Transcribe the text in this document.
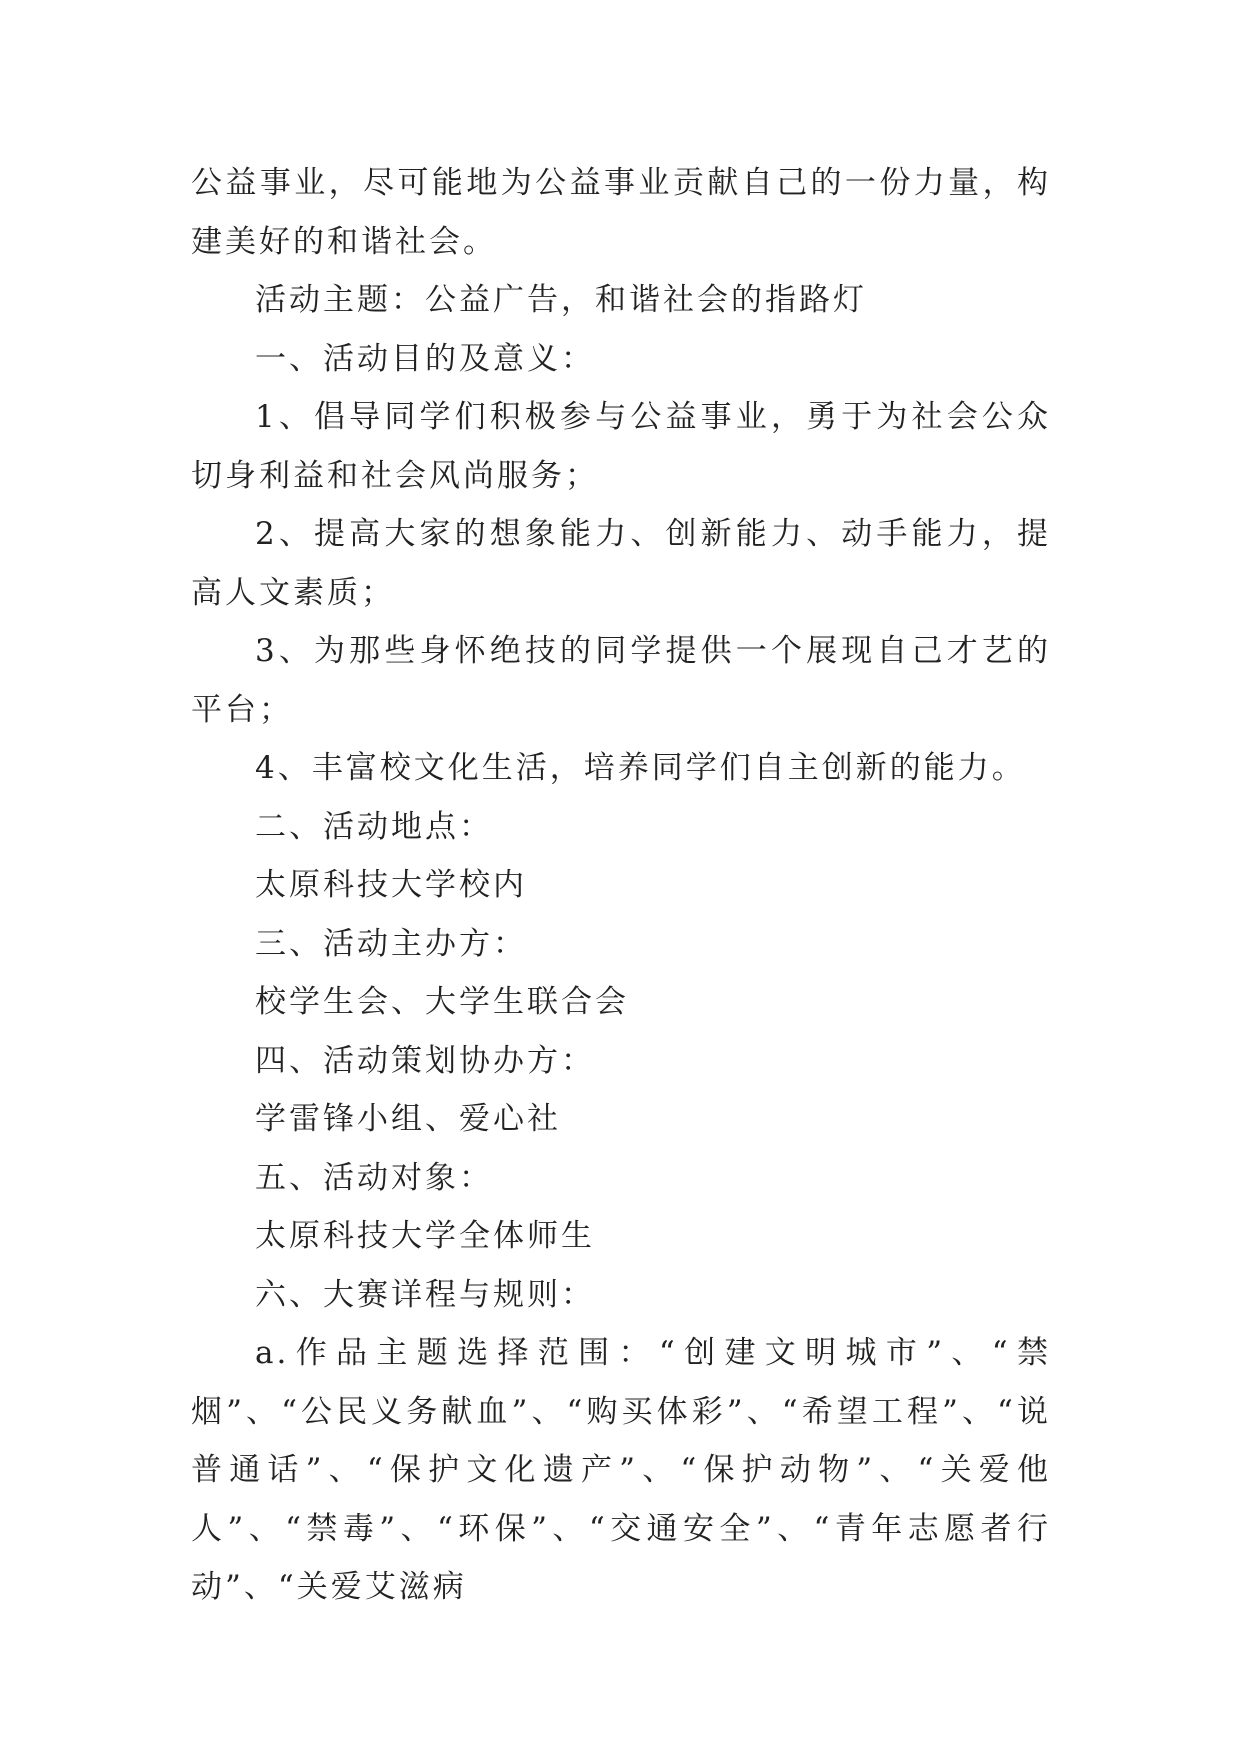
公益事业，尽可能地为公益事业贡献自己的一份力量，构建美好的和谐社会。

活动主题：公益广告，和谐社会的指路灯

一、活动目的及意义：

1、倡导同学们积极参与公益事业，勇于为社会公众切身利益和社会风尚服务；

2、提高大家的想象能力、创新能力、动手能力，提高人文素质；

3、为那些身怀绝技的同学提供一个展现自己才艺的平台；

4、丰富校文化生活，培养同学们自主创新的能力。

二、活动地点：

太原科技大学校内

三、活动主办方：

校学生会、大学生联合会

四、活动策划协办方：

学雷锋小组、爱心社

五、活动对象：

太原科技大学全体师生

六、大赛详程与规则：

a.作品主题选择范围：“创建文明城市”、“禁烟”、“公民义务献血”、“购买体彩”、“希望工程”、“说普通话”、“保护文化遗产”、“保护动物”、“关爱他人”、“禁毒”、“环保”、“交通安全”、“青年志愿者行动”、“关爱艾滋病
